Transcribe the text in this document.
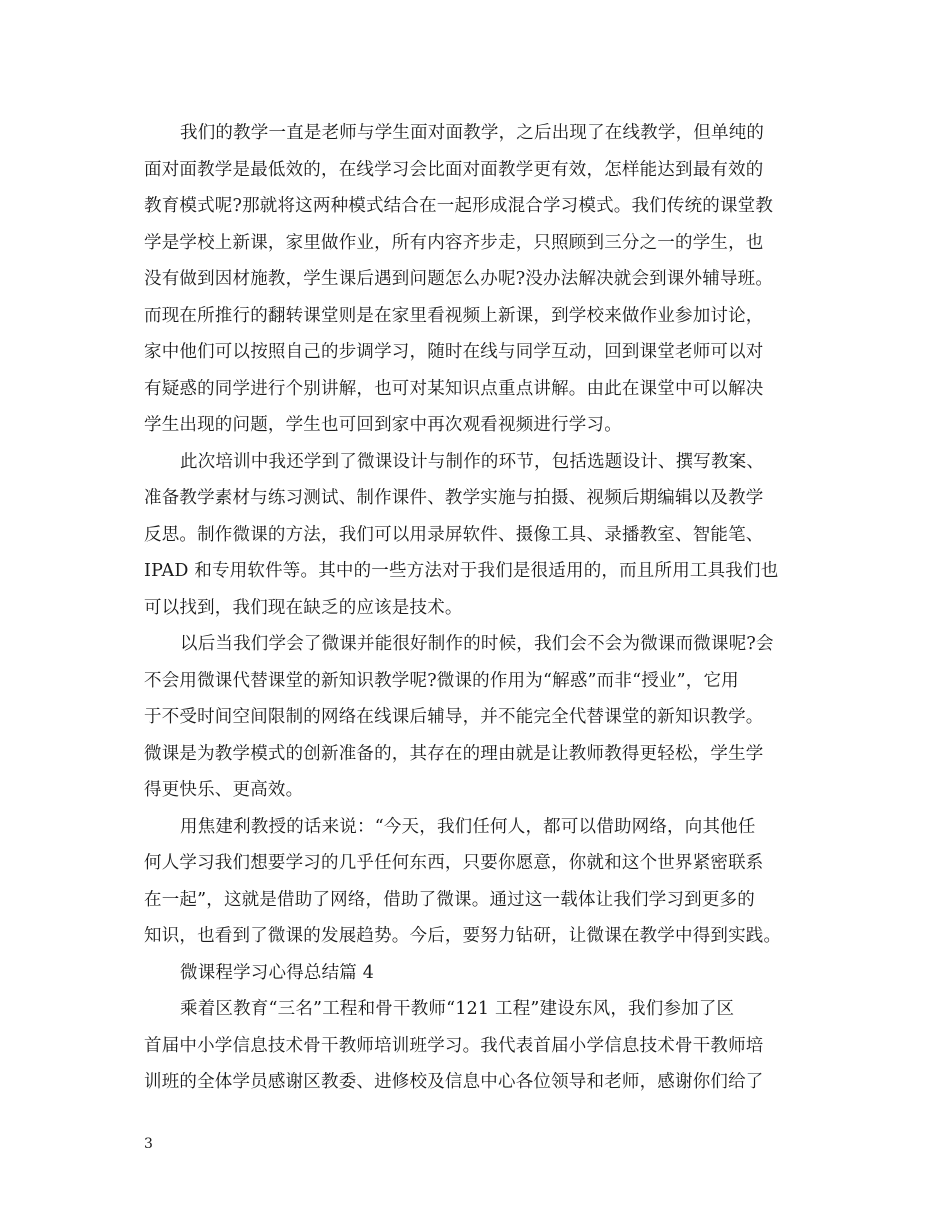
我们的教学一直是老师与学生面对面教学，之后出现了在线教学，但单纯的
面对面教学是最低效的，在线学习会比面对面教学更有效，怎样能达到最有效的
教育模式呢?那就将这两种模式结合在一起形成混合学习模式。我们传统的课堂教
学是学校上新课，家里做作业，所有内容齐步走，只照顾到三分之一的学生，也
没有做到因材施教，学生课后遇到问题怎么办呢?没办法解决就会到课外辅导班。
而现在所推行的翻转课堂则是在家里看视频上新课，到学校来做作业参加讨论，
家中他们可以按照自己的步调学习，随时在线与同学互动，回到课堂老师可以对
有疑惑的同学进行个别讲解，也可对某知识点重点讲解。由此在课堂中可以解决
学生出现的问题，学生也可回到家中再次观看视频进行学习。
此次培训中我还学到了微课设计与制作的环节，包括选题设计、撰写教案、
准备教学素材与练习测试、制作课件、教学实施与拍摄、视频后期编辑以及教学
反思。制作微课的方法，我们可以用录屏软件、摄像工具、录播教室、智能笔、
IPAD 和专用软件等。其中的一些方法对于我们是很适用的，而且所用工具我们也
可以找到，我们现在缺乏的应该是技术。
以后当我们学会了微课并能很好制作的时候，我们会不会为微课而微课呢?会
不会用微课代替课堂的新知识教学呢?微课的作用为“解惑”而非“授业”，它用
于不受时间空间限制的网络在线课后辅导，并不能完全代替课堂的新知识教学。
微课是为教学模式的创新准备的，其存在的理由就是让教师教得更轻松，学生学
得更快乐、更高效。
用焦建利教授的话来说：“今天，我们任何人，都可以借助网络，向其他任
何人学习我们想要学习的几乎任何东西，只要你愿意，你就和这个世界紧密联系
在一起”，这就是借助了网络，借助了微课。通过这一载体让我们学习到更多的
知识，也看到了微课的发展趋势。今后，要努力钻研，让微课在教学中得到实践。
微课程学习心得总结篇 4
乘着区教育“三名”工程和骨干教师“121 工程”建设东风，我们参加了区
首届中小学信息技术骨干教师培训班学习。我代表首届小学信息技术骨干教师培
训班的全体学员感谢区教委、进修校及信息中心各位领导和老师，感谢你们给了
3
